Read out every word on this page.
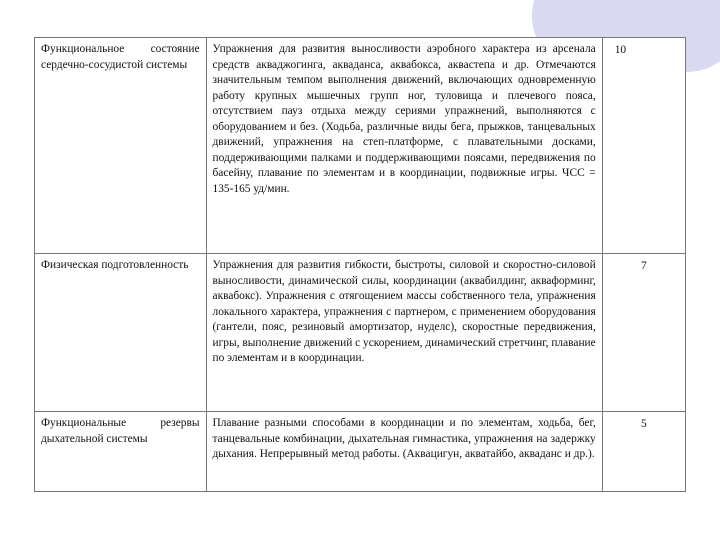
Функциональное состояние сердечно-сосудистой системы	Упражнения для развития выносливости аэробного характера из арсенала средств акваджогинга, акваданса, аквабокса, аквастепа и др. Отмечаются значительным темпом выполнения движений, включающих одновременную работу крупных мышечных групп ног, туловища и плечевого пояса, отсутствием пауз отдыха между сериями упражнений, выполняются с оборудованием и без. (Ходьба, различные виды бега, прыжков, танцевальных движений, упражнения на степ-платформе, с плавательными досками, поддерживающими палками и поддерживающими поясами, передвижения по басейну, плавание по элементам и в координации, подвижные игры. ЧСС = 135-165 уд/мин.	10
Физическая подготовленность	Упражнения для развития гибкости, быстроты, силовой и скоростно-силовой выносливости, динамической силы, координации (аквабилдинг, акваформинг, аквабокс). Упражнения с отягощением массы собственного тела, упражнения локального характера, упражнения с партнером, с применением оборудования (гантели, пояс, резиновый амортизатор, нуделс), скоростные передвижения, игры, выполнение движений с ускорением, динамический стретчинг, плавание по элементам и в координации.	7
Функциональные резервы дыхательной системы	Плавание разными способами в координации и по элементам, ходьба, бег, танцевальные комбинации, дыхательная гимнастика, упражнения на задержку дыхания. Непрерывный метод работы. (Аквацигун, акватайбо, акваданс и др.).	5
